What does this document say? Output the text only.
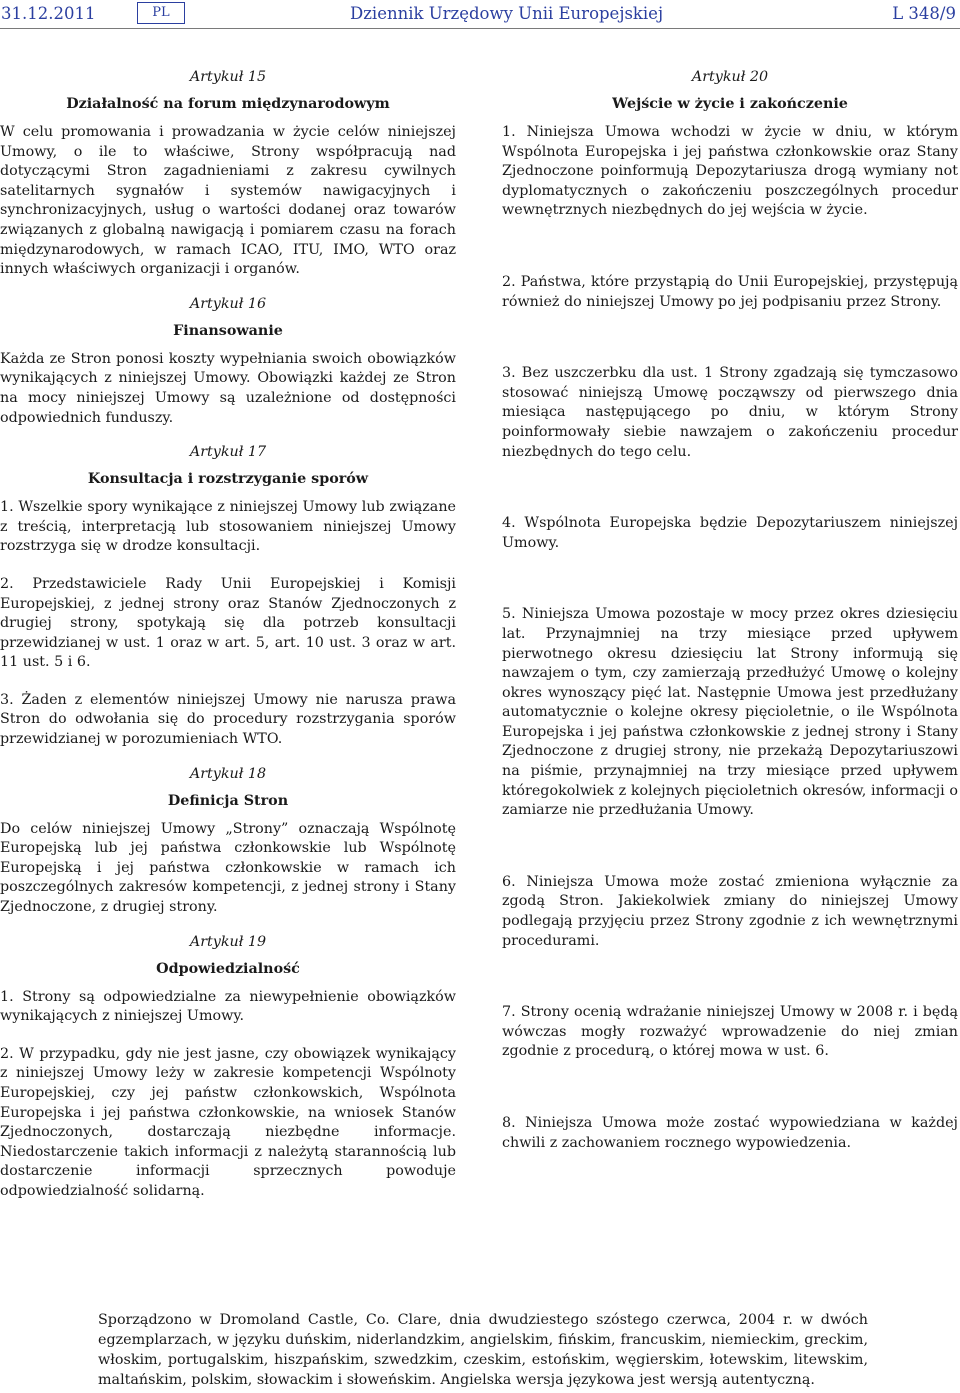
31.12.2011	PL	Dziennik Urzędowy Unii Europejskiej	L 348/9

Artykuł 15

Działalność na forum międzynarodowym

W celu promowania i prowadzania w życie celów niniejszej Umowy, o ile to właściwe, Strony współpracują nad dotyczącymi Stron zagadnieniami z zakresu cywilnych satelitarnych sygnałów i systemów nawigacyjnych i synchronizacyjnych, usług o wartości dodanej oraz towarów związanych z globalną nawigacją i pomiarem czasu na forach międzynarodowych, w ramach ICAO, ITU, IMO, WTO oraz innych właściwych organizacji i organów.

Artykuł 16

Finansowanie

Każda ze Stron ponosi koszty wypełniania swoich obowiązków wynikających z niniejszej Umowy. Obowiązki każdej ze Stron na mocy niniejszej Umowy są uzależnione od dostępności odpowiednich funduszy.

Artykuł 17

Konsultacja i rozstrzyganie sporów

1. Wszelkie spory wynikające z niniejszej Umowy lub związane z treścią, interpretacją lub stosowaniem niniejszej Umowy rozstrzyga się w drodze konsultacji.

2. Przedstawiciele Rady Unii Europejskiej i Komisji Europejskiej, z jednej strony oraz Stanów Zjednoczonych z drugiej strony, spotykają się dla potrzeb konsultacji przewidzianej w ust. 1 oraz w art. 5, art. 10 ust. 3 oraz w art. 11 ust. 5 i 6.

3. Żaden z elementów niniejszej Umowy nie narusza prawa Stron do odwołania się do procedury rozstrzygania sporów przewidzianej w porozumieniach WTO.

Artykuł 18

Definicja Stron

Do celów niniejszej Umowy „Strony” oznaczają Wspólnotę Europejską lub jej państwa członkowskie lub Wspólnotę Europejską i jej państwa członkowskie w ramach ich poszczególnych zakresów kompetencji, z jednej strony i Stany Zjednoczone, z drugiej strony.

Artykuł 19

Odpowiedzialność

1. Strony są odpowiedzialne za niewypełnienie obowiązków wynikających z niniejszej Umowy.

2. W przypadku, gdy nie jest jasne, czy obowiązek wynikający z niniejszej Umowy leży w zakresie kompetencji Wspólnoty Europejskiej, czy jej państw członkowskich, Wspólnota Europejska i jej państwa członkowskie, na wniosek Stanów Zjednoczonych, dostarczają niezbędne informacje. Niedostarczenie takich informacji z należytą starannością lub dostarczenie informacji sprzecznych powoduje odpowiedzialność solidarną.

Artykuł 20

Wejście w życie i zakończenie

1. Niniejsza Umowa wchodzi w życie w dniu, w którym Wspólnota Europejska i jej państwa członkowskie oraz Stany Zjednoczone poinformują Depozytariusza drogą wymiany not dyplomatycznych o zakończeniu poszczególnych procedur wewnętrznych niezbędnych do jej wejścia w życie.

2. Państwa, które przystąpią do Unii Europejskiej, przystępują również do niniejszej Umowy po jej podpisaniu przez Strony.

3. Bez uszczerbku dla ust. 1 Strony zgadzają się tymczasowo stosować niniejszą Umowę począwszy od pierwszego dnia miesiąca następującego po dniu, w którym Strony poinformowały siebie nawzajem o zakończeniu procedur niezbędnych do tego celu.

4. Wspólnota Europejska będzie Depozytariuszem niniejszej Umowy.

5. Niniejsza Umowa pozostaje w mocy przez okres dziesięciu lat. Przynajmniej na trzy miesiące przed upływem pierwotnego okresu dziesięciu lat Strony informują się nawzajem o tym, czy zamierzają przedłużyć Umowę o kolejny okres wynoszący pięć lat. Następnie Umowa jest przedłużany automatycznie o kolejne okresy pięcioletnie, o ile Wspólnota Europejska i jej państwa członkowskie z jednej strony i Stany Zjednoczone z drugiej strony, nie przekażą Depozytariuszowi na piśmie, przynajmniej na trzy miesiące przed upływem któregokolwiek z kolejnych pięcioletnich okresów, informacji o zamiarze nie przedłużania Umowy.

6. Niniejsza Umowa może zostać zmieniona wyłącznie za zgodą Stron. Jakiekolwiek zmiany do niniejszej Umowy podlegają przyjęciu przez Strony zgodnie z ich wewnętrznymi procedurami.

7. Strony ocenią wdrażanie niniejszej Umowy w 2008 r. i będą wówczas mogły rozważyć wprowadzenie do niej zmian zgodnie z procedurą, o której mowa w ust. 6.

8. Niniejsza Umowa może zostać wypowiedziana w każdej chwili z zachowaniem rocznego wypowiedzenia.

Sporządzono w Dromoland Castle, Co. Clare, dnia dwudziestego szóstego czerwca, 2004 r. w dwóch egzemplarzach, w języku duńskim, niderlandzkim, angielskim, fińskim, francuskim, niemieckim, greckim, włoskim, portugalskim, hiszpańskim, szwedzkim, czeskim, estońskim, węgierskim, łotewskim, litewskim, maltańskim, polskim, słowackim i słoweńskim. Angielska wersja językowa jest wersją autentyczną.
